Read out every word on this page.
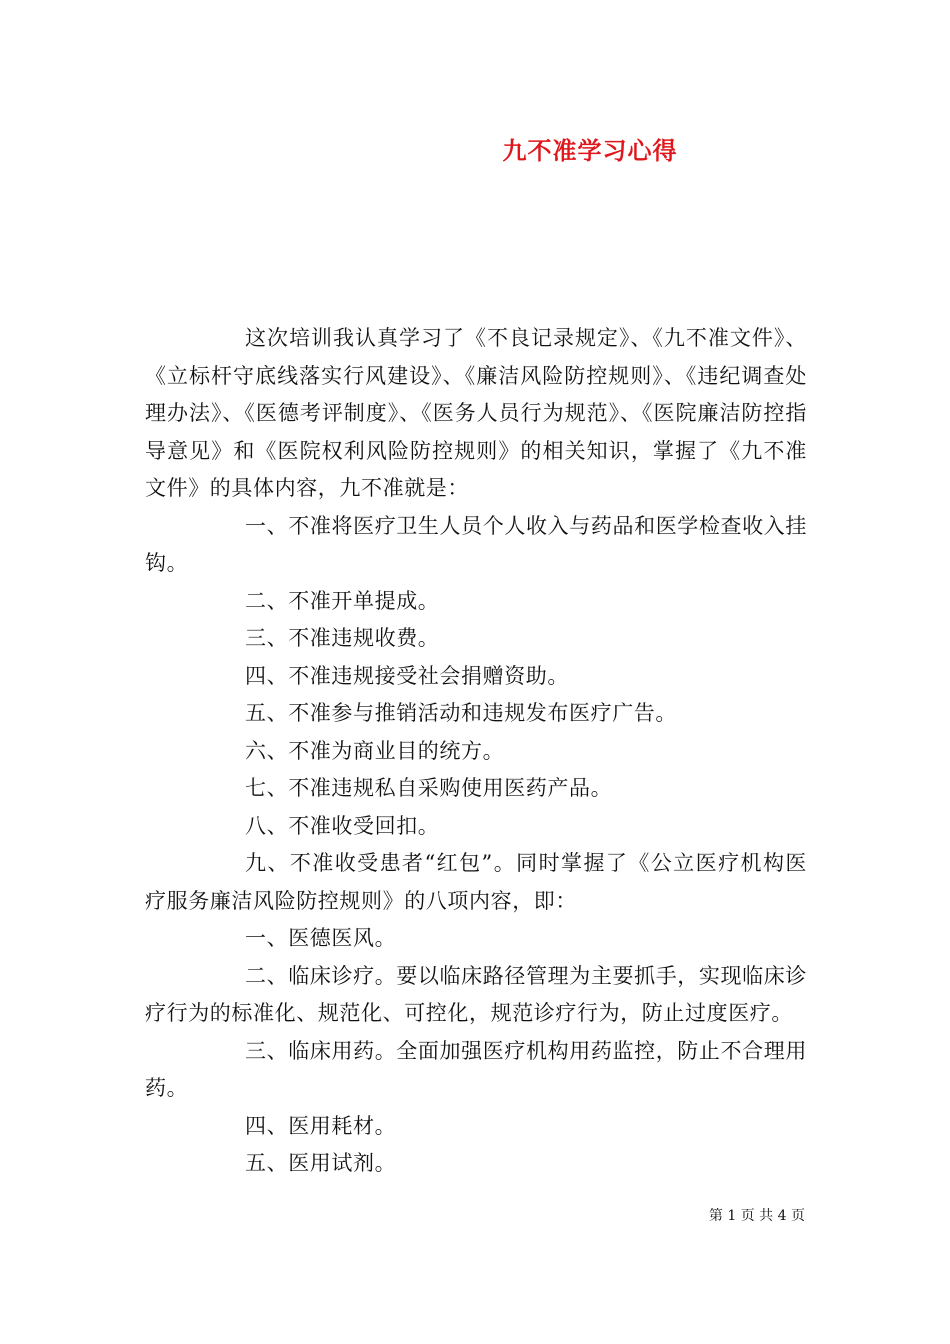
九不准学习心得

这次培训我认真学习了《不良记录规定》、《九不准文件》、《立标杆守底线落实行风建设》、《廉洁风险防控规则》、《违纪调查处理办法》、《医德考评制度》、《医务人员行为规范》、《医院廉洁防控指导意见》和《医院权利风险防控规则》的相关知识，掌握了《九不准文件》的具体内容，九不准就是：

一、不准将医疗卫生人员个人收入与药品和医学检查收入挂钩。

二、不准开单提成。

三、不准违规收费。

四、不准违规接受社会捐赠资助。

五、不准参与推销活动和违规发布医疗广告。

六、不准为商业目的统方。

七、不准违规私自采购使用医药产品。

八、不准收受回扣。

九、不准收受患者“红包”。同时掌握了《公立医疗机构医疗服务廉洁风险防控规则》的八项内容，即：

一、医德医风。

二、临床诊疗。要以临床路径管理为主要抓手，实现临床诊疗行为的标准化、规范化、可控化，规范诊疗行为，防止过度医疗。

三、临床用药。全面加强医疗机构用药监控，防止不合理用药。

四、医用耗材。

五、医用试剂。

第 1 页 共 4 页
